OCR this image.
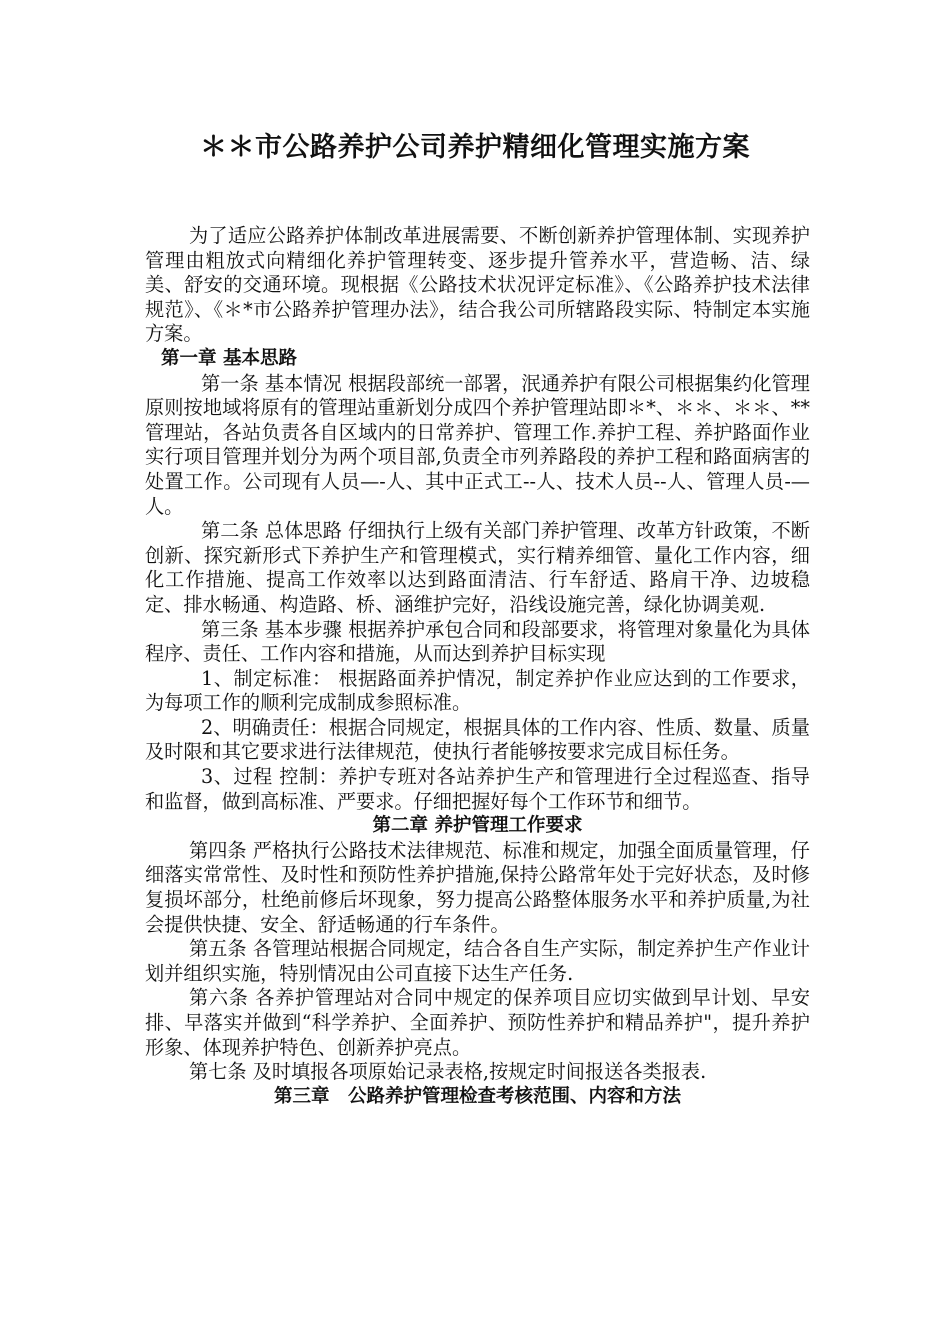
＊＊市公路养护公司养护精细化管理实施方案

为了适应公路养护体制改革进展需要、不断创新养护管理体制、实现养护管理由粗放式向精细化养护管理转变、逐步提升管养水平，营造畅、洁、绿美、舒安的交通环境。现根据《公路技术状况评定标准》、《公路养护技术法律规范》、《＊*市公路养护管理办法》，结合我公司所辖路段实际、特制定本实施方案。

第一章 基本思路

第一条 基本情况 根据段部统一部署，泯通养护有限公司根据集约化管理原则按地域将原有的管理站重新划分成四个养护管理站即＊*、＊＊、＊＊、**管理站，各站负责各自区域内的日常养护、管理工作.养护工程、养护路面作业实行项目管理并划分为两个项目部,负责全市列养路段的养护工程和路面病害的处置工作。公司现有人员—-人、其中正式工--人、技术人员--人、管理人员-—人。

第二条 总体思路 仔细执行上级有关部门养护管理、改革方针政策，不断创新、探究新形式下养护生产和管理模式，实行精养细管、量化工作内容，细化工作措施、提高工作效率以达到路面清洁、行车舒适、路肩干净、边坡稳定、排水畅通、构造路、桥、涵维护完好，沿线设施完善，绿化协调美观.

第三条 基本步骤 根据养护承包合同和段部要求，将管理对象量化为具体程序、责任、工作内容和措施，从而达到养护目标实现

1、制定标准： 根据路面养护情况，制定养护作业应达到的工作要求，为每项工作的顺利完成制成参照标准。

2、明确责任：根据合同规定，根据具体的工作内容、性质、数量、质量及时限和其它要求进行法律规范，使执行者能够按要求完成目标任务。

3、过程 控制：养护专班对各站养护生产和管理进行全过程巡查、指导和监督，做到高标准、严要求。仔细把握好每个工作环节和细节。

第二章 养护管理工作要求

第四条 严格执行公路技术法律规范、标准和规定，加强全面质量管理，仔细落实常常性、及时性和预防性养护措施,保持公路常年处于完好状态，及时修复损坏部分，杜绝前修后坏现象，努力提高公路整体服务水平和养护质量,为社会提供快捷、安全、舒适畅通的行车条件。

第五条 各管理站根据合同规定，结合各自生产实际，制定养护生产作业计划并组织实施，特别情况由公司直接下达生产任务.

第六条 各养护管理站对合同中规定的保养项目应切实做到早计划、早安排、早落实并做到“科学养护、全面养护、预防性养护和精品养护"，提升养护形象、体现养护特色、创新养护亮点。

第七条 及时填报各项原始记录表格,按规定时间报送各类报表.

第三章　公路养护管理检查考核范围、内容和方法
